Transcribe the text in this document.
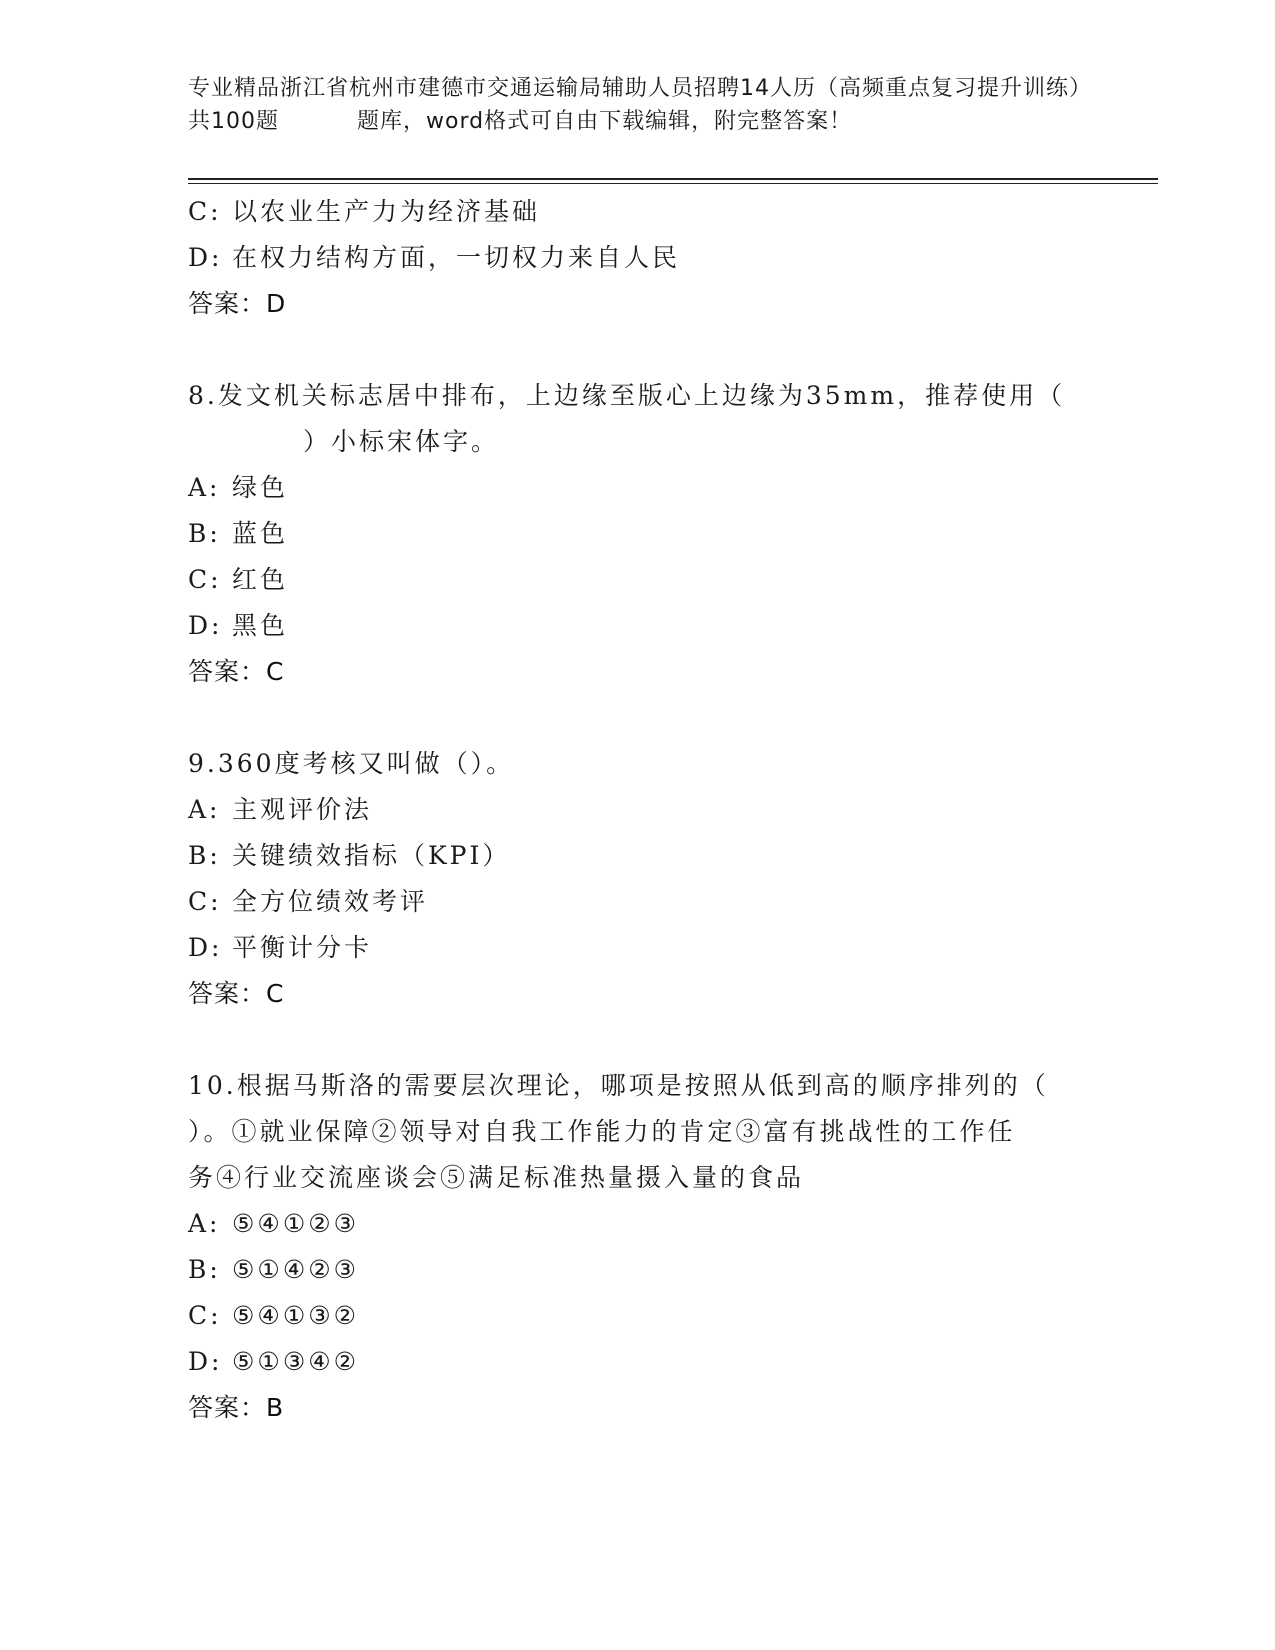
专业精品浙江省杭州市建德市交通运输局辅助人员招聘14人历（高频重点复习提升训练）共100题	题库，word格式可自由下载编辑，附完整答案！
C: 以农业生产力为经济基础
D: 在权力结构方面，一切权力来自人民
答案：D
8.发文机关标志居中排布，上边缘至版心上边缘为35mm，推荐使用（
）小标宋体字。
A: 绿色
B: 蓝色
C: 红色
D: 黑色
答案：C
9.360度考核又叫做（）。
A: 主观评价法
B: 关键绩效指标（KPI）
C: 全方位绩效考评
D: 平衡计分卡
答案：C
10.根据马斯洛的需要层次理论，哪项是按照从低到高的顺序排列的（
）。①就业保障②领导对自我工作能力的肯定③富有挑战性的工作任
务④行业交流座谈会⑤满足标准热量摄入量的食品
A: ⑤④①②③
B: ⑤①④②③
C: ⑤④①③②
D: ⑤①③④②
答案：B
